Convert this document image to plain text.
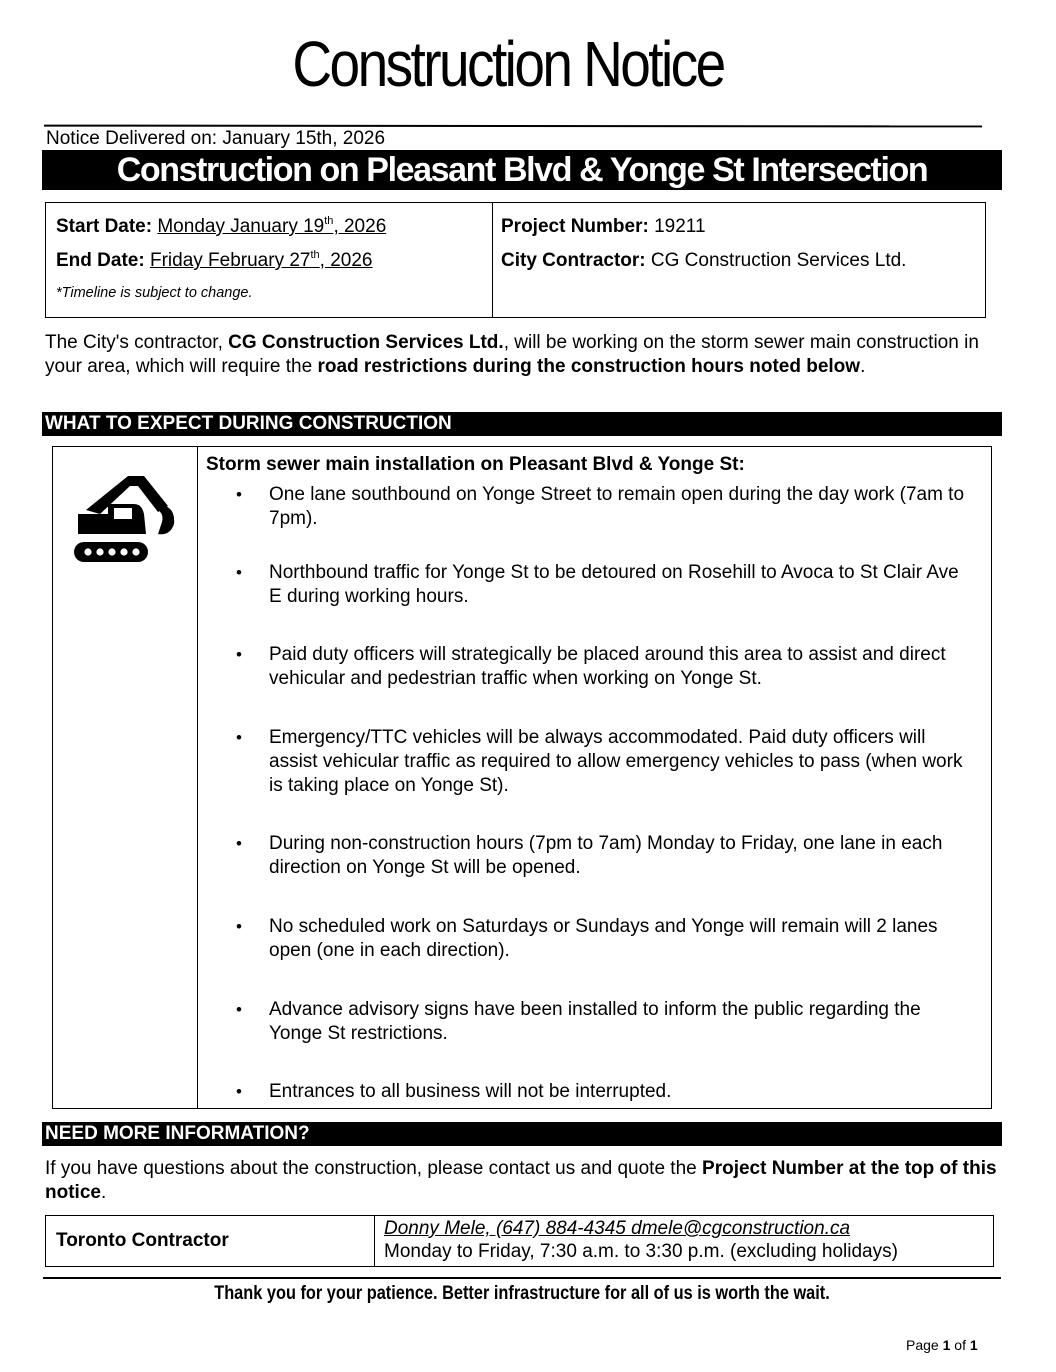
Construction Notice
Notice Delivered on: January 15th, 2026
Construction on Pleasant Blvd & Yonge St Intersection
Start Date: Monday January 19th, 2026
End Date: Friday February 27th, 2026
*Timeline is subject to change.
Project Number: 19211
City Contractor: CG Construction Services Ltd.
The City's contractor, CG Construction Services Ltd., will be working on the storm sewer main construction in your area, which will require the road restrictions during the construction hours noted below.
WHAT TO EXPECT DURING CONSTRUCTION
Storm sewer main installation on Pleasant Blvd & Yonge St:
• One lane southbound on Yonge Street to remain open during the day work (7am to 7pm).
• Northbound traffic for Yonge St to be detoured on Rosehill to Avoca to St Clair Ave E during working hours.
• Paid duty officers will strategically be placed around this area to assist and direct vehicular and pedestrian traffic when working on Yonge St.
• Emergency/TTC vehicles will be always accommodated. Paid duty officers will assist vehicular traffic as required to allow emergency vehicles to pass (when work is taking place on Yonge St).
• During non-construction hours (7pm to 7am) Monday to Friday, one lane in each direction on Yonge St will be opened.
• No scheduled work on Saturdays or Sundays and Yonge will remain will 2 lanes open (one in each direction).
• Advance advisory signs have been installed to inform the public regarding the Yonge St restrictions.
• Entrances to all business will not be interrupted.
NEED MORE INFORMATION?
If you have questions about the construction, please contact us and quote the Project Number at the top of this notice.
Toronto Contractor
Donny Mele, (647) 884-4345 dmele@cgconstruction.ca
Monday to Friday, 7:30 a.m. to 3:30 p.m. (excluding holidays)
Thank you for your patience. Better infrastructure for all of us is worth the wait.
Page 1 of 1
